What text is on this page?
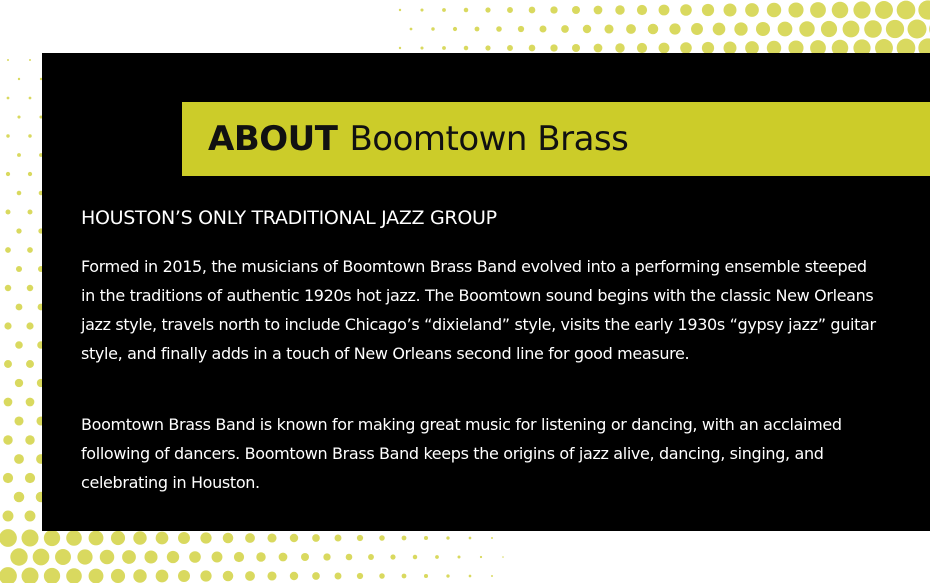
ABOUT Boomtown Brass
HOUSTON’S ONLY TRADITIONAL JAZZ GROUP

Formed in 2015, the musicians of Boomtown Brass Band evolved into a performing ensemble steeped in the traditions of authentic 1920s hot jazz. The Boomtown sound begins with the classic New Orleans jazz style, travels north to include Chicago’s “dixieland” style, visits the early 1930s “gypsy jazz” guitar style, and finally adds in a touch of New Orleans second line for good measure.

Boomtown Brass Band is known for making great music for listening or dancing, with an acclaimed following of dancers. Boomtown Brass Band keeps the origins of jazz alive, dancing, singing, and celebrating in Houston.
